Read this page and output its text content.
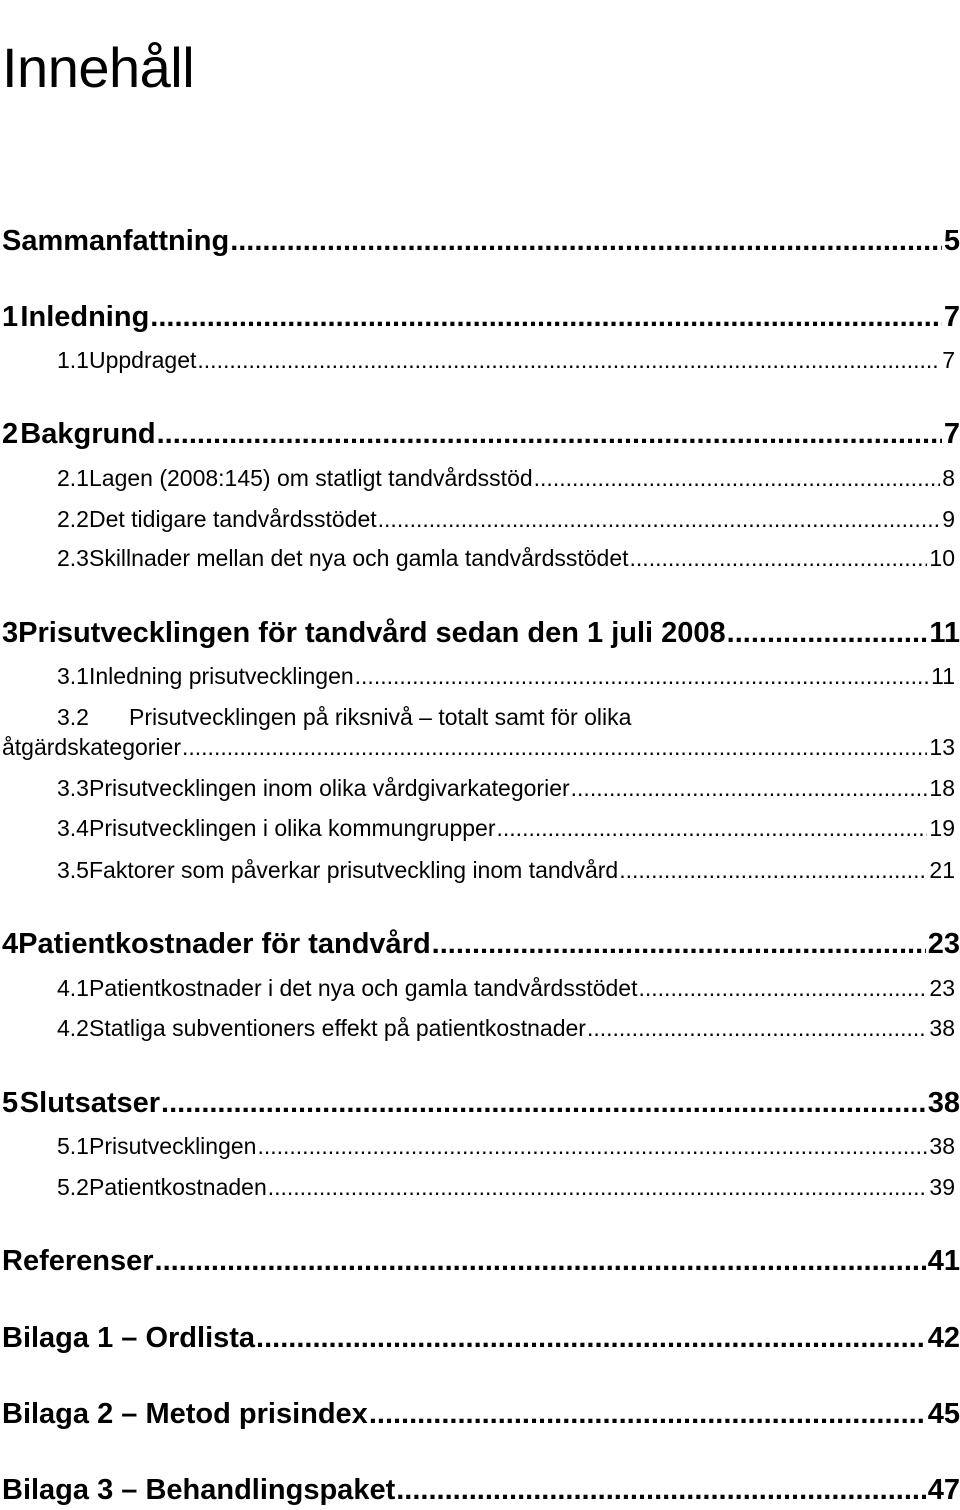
Innehåll
Sammanfattning .....	5
1 Inledning .....	7
1.1 Uppdraget .....	7
2 Bakgrund .....	7
2.1 Lagen (2008:145) om statligt tandvårdsstöd .....	8
2.2 Det tidigare tandvårdsstödet .....	9
2.3 Skillnader mellan det nya och gamla tandvårdsstödet .....	10
3 Prisutvecklingen för tandvård sedan den 1 juli 2008 .....	11
3.1 Inledning prisutvecklingen .....	11
3.2 Prisutvecklingen på riksnivå – totalt samt för olika
åtgärdskategorier .....	13
3.3 Prisutvecklingen inom olika vårdgivarkategorier .....	18
3.4 Prisutvecklingen i olika kommungrupper .....	19
3.5 Faktorer som påverkar prisutveckling inom tandvård .....	21
4 Patientkostnader för tandvård .....	23
4.1 Patientkostnader i det nya och gamla tandvårdsstödet .....	23
4.2 Statliga subventioners effekt på patientkostnader .....	38
5 Slutsatser .....	38
5.1 Prisutvecklingen .....	38
5.2 Patientkostnaden .....	39
Referenser .....	41
Bilaga 1 – Ordlista .....	42
Bilaga 2 – Metod prisindex .....	45
Bilaga 3 – Behandlingspaket .....	47
